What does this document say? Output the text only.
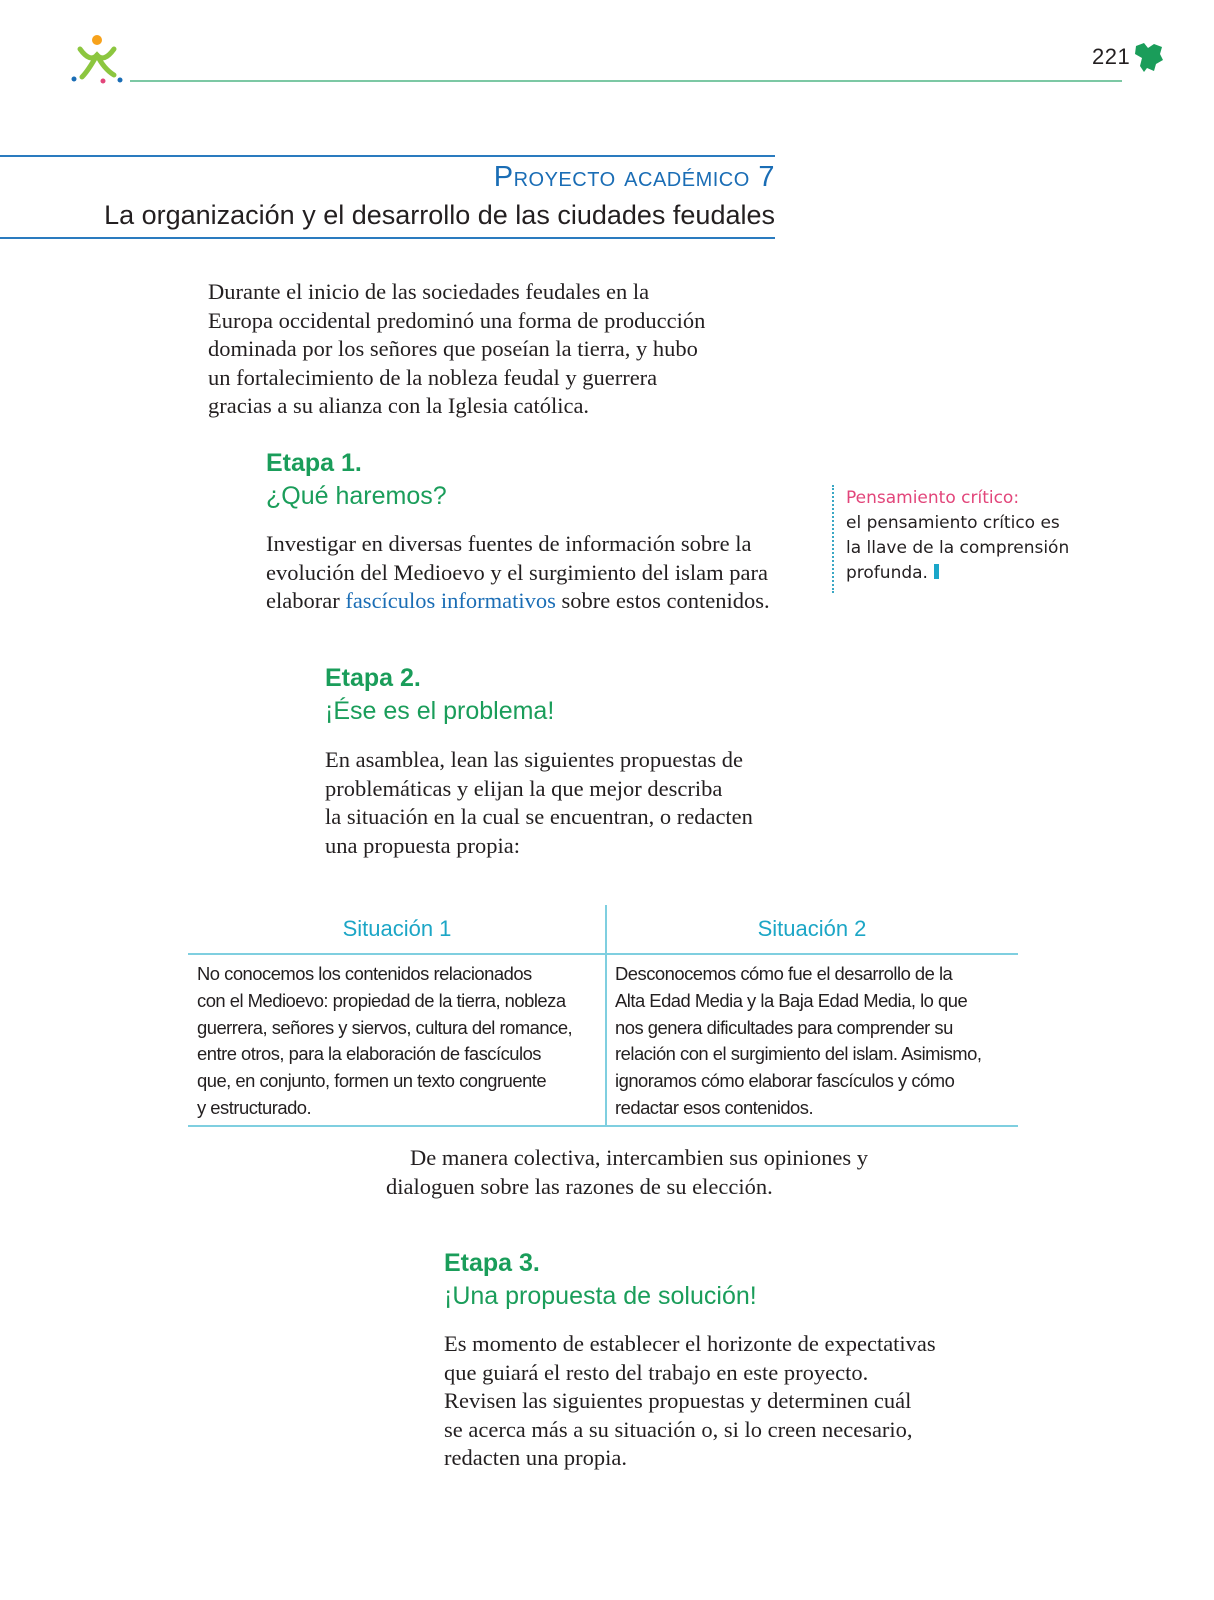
221
Proyecto académico 7
La organización y el desarrollo de las ciudades feudales
Durante el inicio de las sociedades feudales en la
Europa occidental predominó una forma de producción
dominada por los señores que poseían la tierra, y hubo
un fortalecimiento de la nobleza feudal y guerrera
gracias a su alianza con la Iglesia católica.
Etapa 1.
¿Qué haremos?
Investigar en diversas fuentes de información sobre la
evolución del Medioevo y el surgimiento del islam para
elaborar fascículos informativos sobre estos contenidos.
Pensamiento crítico:
el pensamiento crítico es
la llave de la comprensión
profunda.
Etapa 2.
¡Ése es el problema!
En asamblea, lean las siguientes propuestas de
problemáticas y elijan la que mejor describa
la situación en la cual se encuentran, o redacten
una propuesta propia:
Situación 1	Situación 2
No conocemos los contenidos relacionados
con el Medioevo: propiedad de la tierra, nobleza
guerrera, señores y siervos, cultura del romance,
entre otros, para la elaboración de fascículos
que, en conjunto, formen un texto congruente
y estructurado.
Desconocemos cómo fue el desarrollo de la
Alta Edad Media y la Baja Edad Media, lo que
nos genera dificultades para comprender su
relación con el surgimiento del islam. Asimismo,
ignoramos cómo elaborar fascículos y cómo
redactar esos contenidos.
De manera colectiva, intercambien sus opiniones y
dialoguen sobre las razones de su elección.
Etapa 3.
¡Una propuesta de solución!
Es momento de establecer el horizonte de expectativas
que guiará el resto del trabajo en este proyecto.
Revisen las siguientes propuestas y determinen cuál
se acerca más a su situación o, si lo creen necesario,
redacten una propia.
